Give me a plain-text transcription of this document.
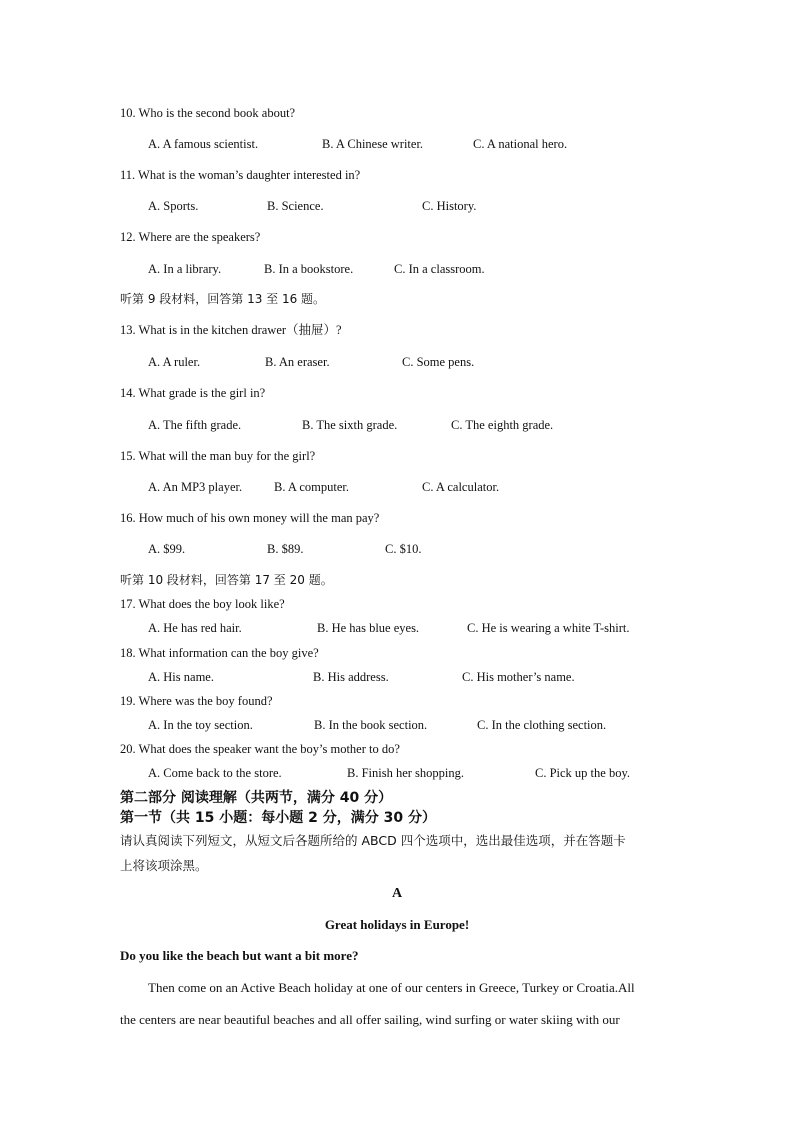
10. Who is the second book about?
A. A famous scientist.	B. A Chinese writer.	C. A national hero.
11. What is the woman’s daughter interested in?
A. Sports.	B. Science.	C. History.
12. Where are the speakers?
A. In a library.	B. In a bookstore.	C. In a classroom.
听第 9 段材料，回答第 13 至 16 题。
13. What is in the kitchen drawer（抽屉）?
A. A ruler.	B. An eraser.	C. Some pens.
14. What grade is the girl in?
A. The fifth grade.	B. The sixth grade.	C. The eighth grade.
15. What will the man buy for the girl?
A. An MP3 player.	B. A computer.	C. A calculator.
16. How much of his own money will the man pay?
A. $99.	B. $89.	C. $10.
听第 10 段材料，回答第 17 至 20 题。
17. What does the boy look like?
A. He has red hair.	B. He has blue eyes.	C. He is wearing a white T-shirt.
18. What information can the boy give?
A. His name.	B. His address.	C. His mother’s name.
19. Where was the boy found?
A. In the toy section.	B. In the book section.	C. In the clothing section.
20. What does the speaker want the boy’s mother to do?
A. Come back to the store.	B. Finish her shopping.	C. Pick up the boy.
第二部分 阅读理解（共两节，满分 40 分）
第一节（共 15 小题：每小题 2 分，满分 30 分）
请认真阅读下列短文，从短文后各题所给的 ABCD 四个选项中，选出最佳选项，并在答题卡
上将该项涂黑。
A
Great holidays in Europe!
Do you like the beach but want a bit more?
Then come on an Active Beach holiday at one of our centers in Greece, Turkey or Croatia.All
the centers are near beautiful beaches and all offer sailing, wind surfing or water skiing with our
